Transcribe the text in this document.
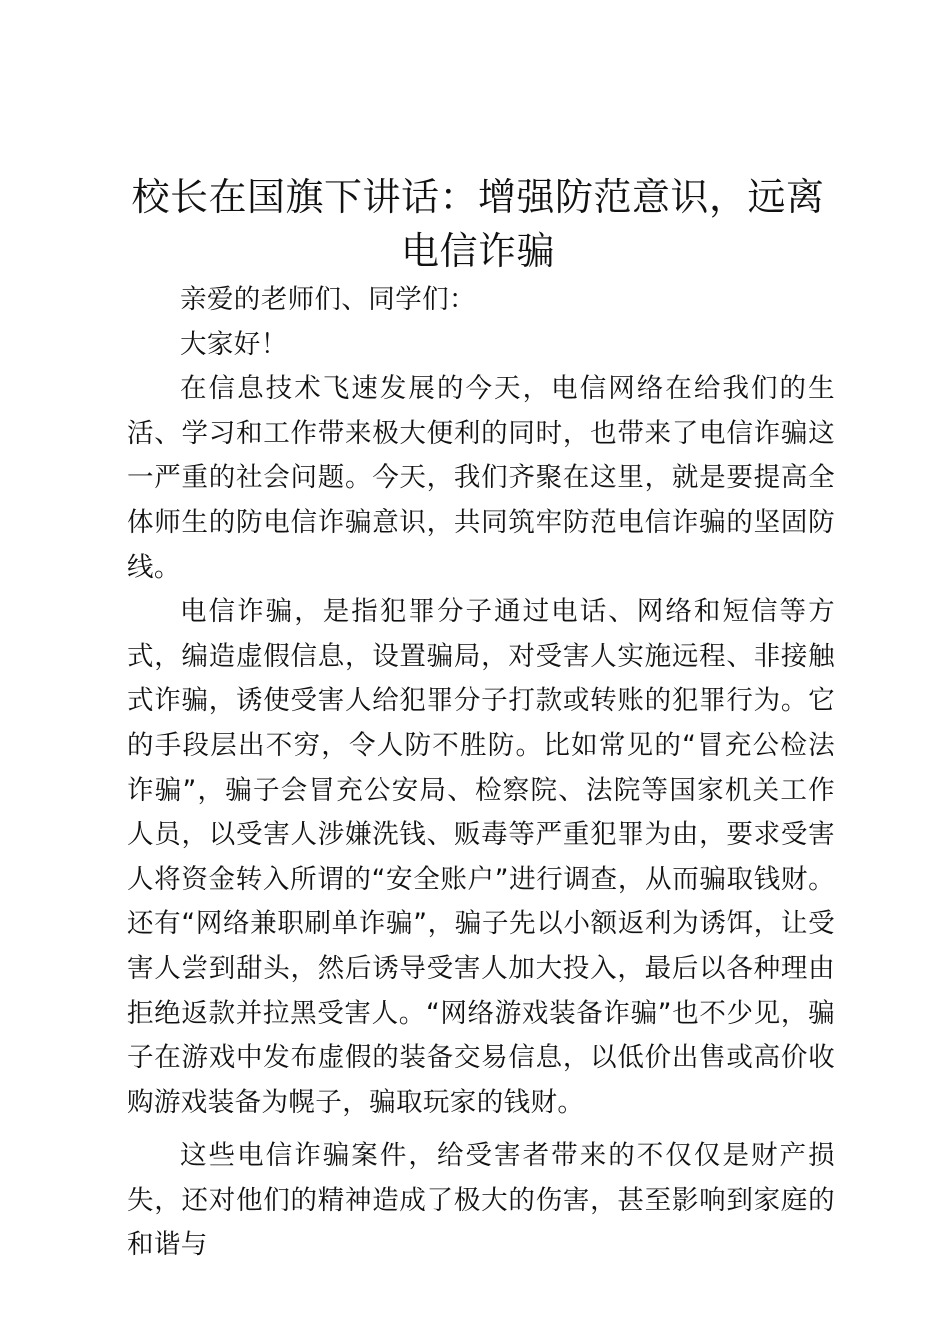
校长在国旗下讲话：增强防范意识，远离电信诈骗

亲爱的老师们、同学们：

大家好！

在信息技术飞速发展的今天，电信网络在给我们的生活、学习和工作带来极大便利的同时，也带来了电信诈骗这一严重的社会问题。今天，我们齐聚在这里，就是要提高全体师生的防电信诈骗意识，共同筑牢防范电信诈骗的坚固防线。

电信诈骗，是指犯罪分子通过电话、网络和短信等方式，编造虚假信息，设置骗局，对受害人实施远程、非接触式诈骗，诱使受害人给犯罪分子打款或转账的犯罪行为。它的手段层出不穷，令人防不胜防。比如常见的“冒充公检法诈骗”，骗子会冒充公安局、检察院、法院等国家机关工作人员，以受害人涉嫌洗钱、贩毒等严重犯罪为由，要求受害人将资金转入所谓的“安全账户”进行调查，从而骗取钱财。还有“网络兼职刷单诈骗”，骗子先以小额返利为诱饵，让受害人尝到甜头，然后诱导受害人加大投入，最后以各种理由拒绝返款并拉黑受害人。“网络游戏装备诈骗”也不少见，骗子在游戏中发布虚假的装备交易信息，以低价出售或高价收购游戏装备为幌子，骗取玩家的钱财。

这些电信诈骗案件，给受害者带来的不仅仅是财产损失，还对他们的精神造成了极大的伤害，甚至影响到家庭的和谐与
